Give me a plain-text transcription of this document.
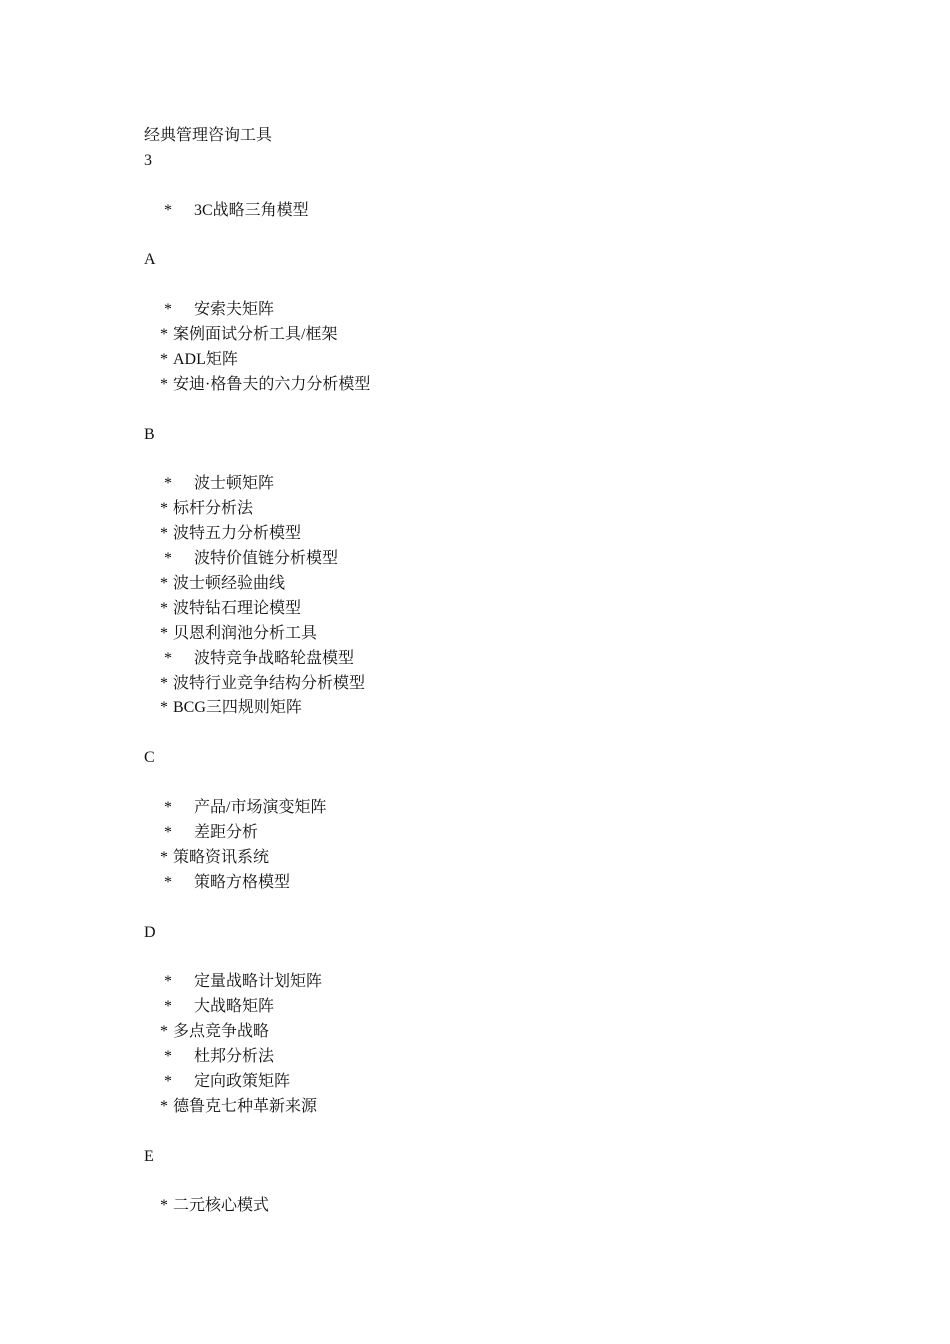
经典管理咨询工具
3
* 3C战略三角模型
A
* 安索夫矩阵
* 案例面试分析工具/框架
* ADL矩阵
* 安迪·格鲁夫的六力分析模型
B
* 波士顿矩阵
* 标杆分析法
* 波特五力分析模型
* 波特价值链分析模型
* 波士顿经验曲线
* 波特钻石理论模型
* 贝恩利润池分析工具
* 波特竞争战略轮盘模型
* 波特行业竞争结构分析模型
* BCG三四规则矩阵
C
* 产品/市场演变矩阵
* 差距分析
* 策略资讯系统
* 策略方格模型
D
* 定量战略计划矩阵
* 大战略矩阵
* 多点竞争战略
* 杜邦分析法
* 定向政策矩阵
* 德鲁克七种革新来源
E
* 二元核心模式
